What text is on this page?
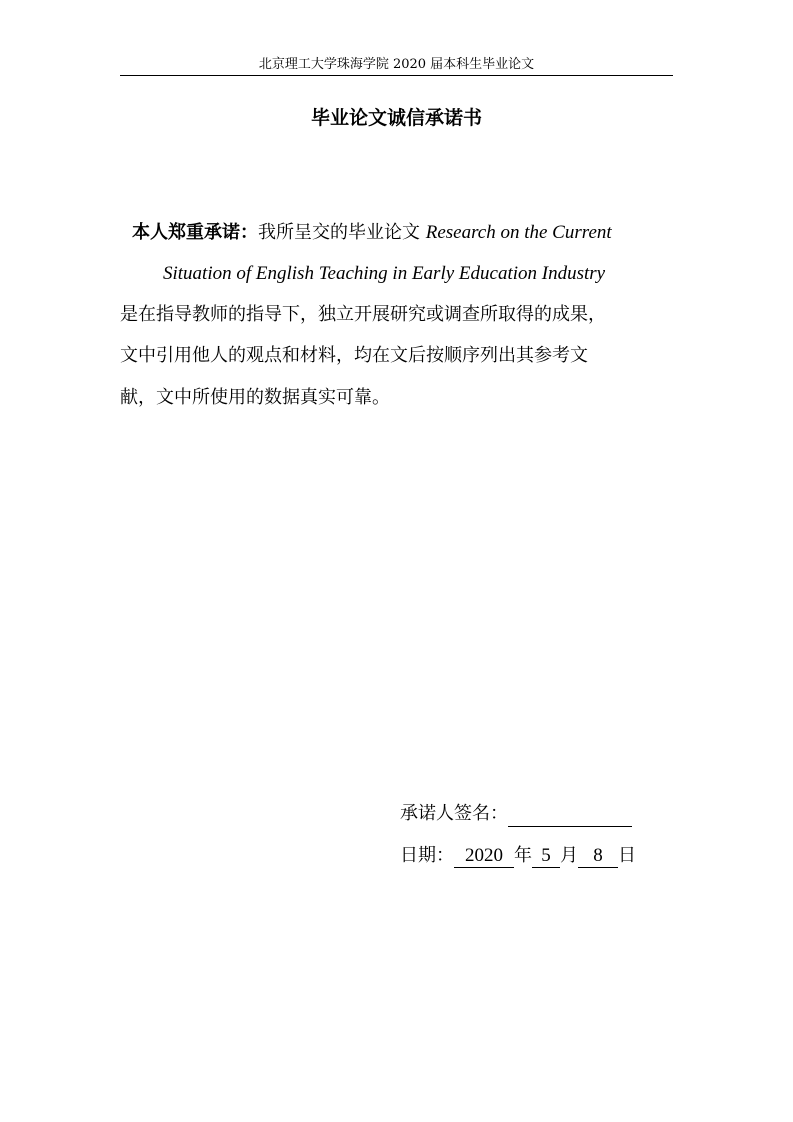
北京理工大学珠海学院 2020 届本科生毕业论文
毕业论文诚信承诺书
本人郑重承诺：我所呈交的毕业论文 Research on the Current
Situation of English Teaching in Early Education Industry
是在指导教师的指导下，独立开展研究或调查所取得的成果，
文中引用他人的观点和材料，均在文后按顺序列出其参考文
献，文中所使用的数据真实可靠。
承诺人签名：
日期： 2020 年 5 月 8 日
